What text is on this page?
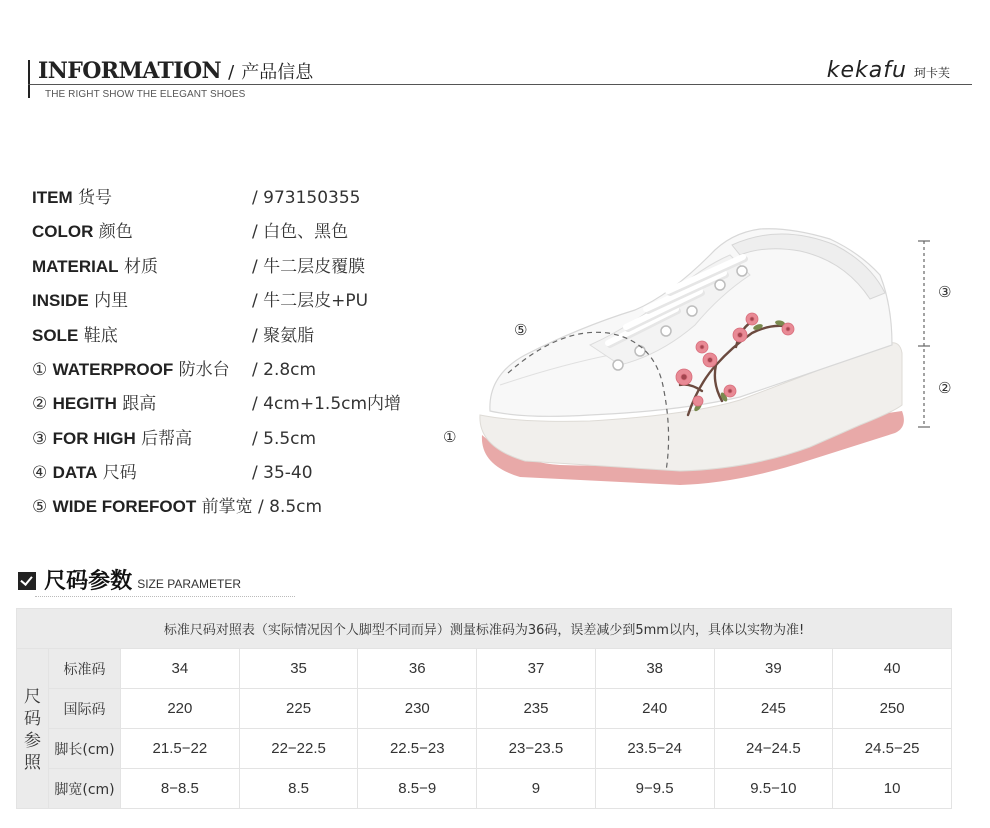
INFORMATION / 产品信息
THE RIGHT SHOW THE ELEGANT SHOES
kekafu 珂卡芙
ITEM 货号	/ 973150355
COLOR 颜色	/ 白色、黑色
MATERIAL 材质	/ 牛二层皮覆膜
INSIDE 内里	/ 牛二层皮+PU
SOLE 鞋底	/ 聚氨脂
① WATERPROOF 防水台 / 2.8cm
② HEGITH 跟高	/ 4cm+1.5cm内增
③ FOR HIGH 后帮高	/ 5.5cm
④ DATA 尺码	/ 35-40
⑤ WIDE FOREFOOT 前掌宽 / 8.5cm
⑤
①
③
②
尺码参数 SIZE PARAMETER
标准尺码对照表（实际情况因个人脚型不同而异）测量标准码为36码，误差减少到5mm以内，具体以实物为准!								
尺
码
参
照	标准码	34	35	36	37	38	39	40
	国际码	220	225	230	235	240	245	250
	脚长(cm)	21.5−22	22−22.5	22.5−23	23−23.5	23.5−24	24−24.5	24.5−25
	脚宽(cm)	8−8.5	8.5	8.5−9	9	9−9.5	9.5−10	10
